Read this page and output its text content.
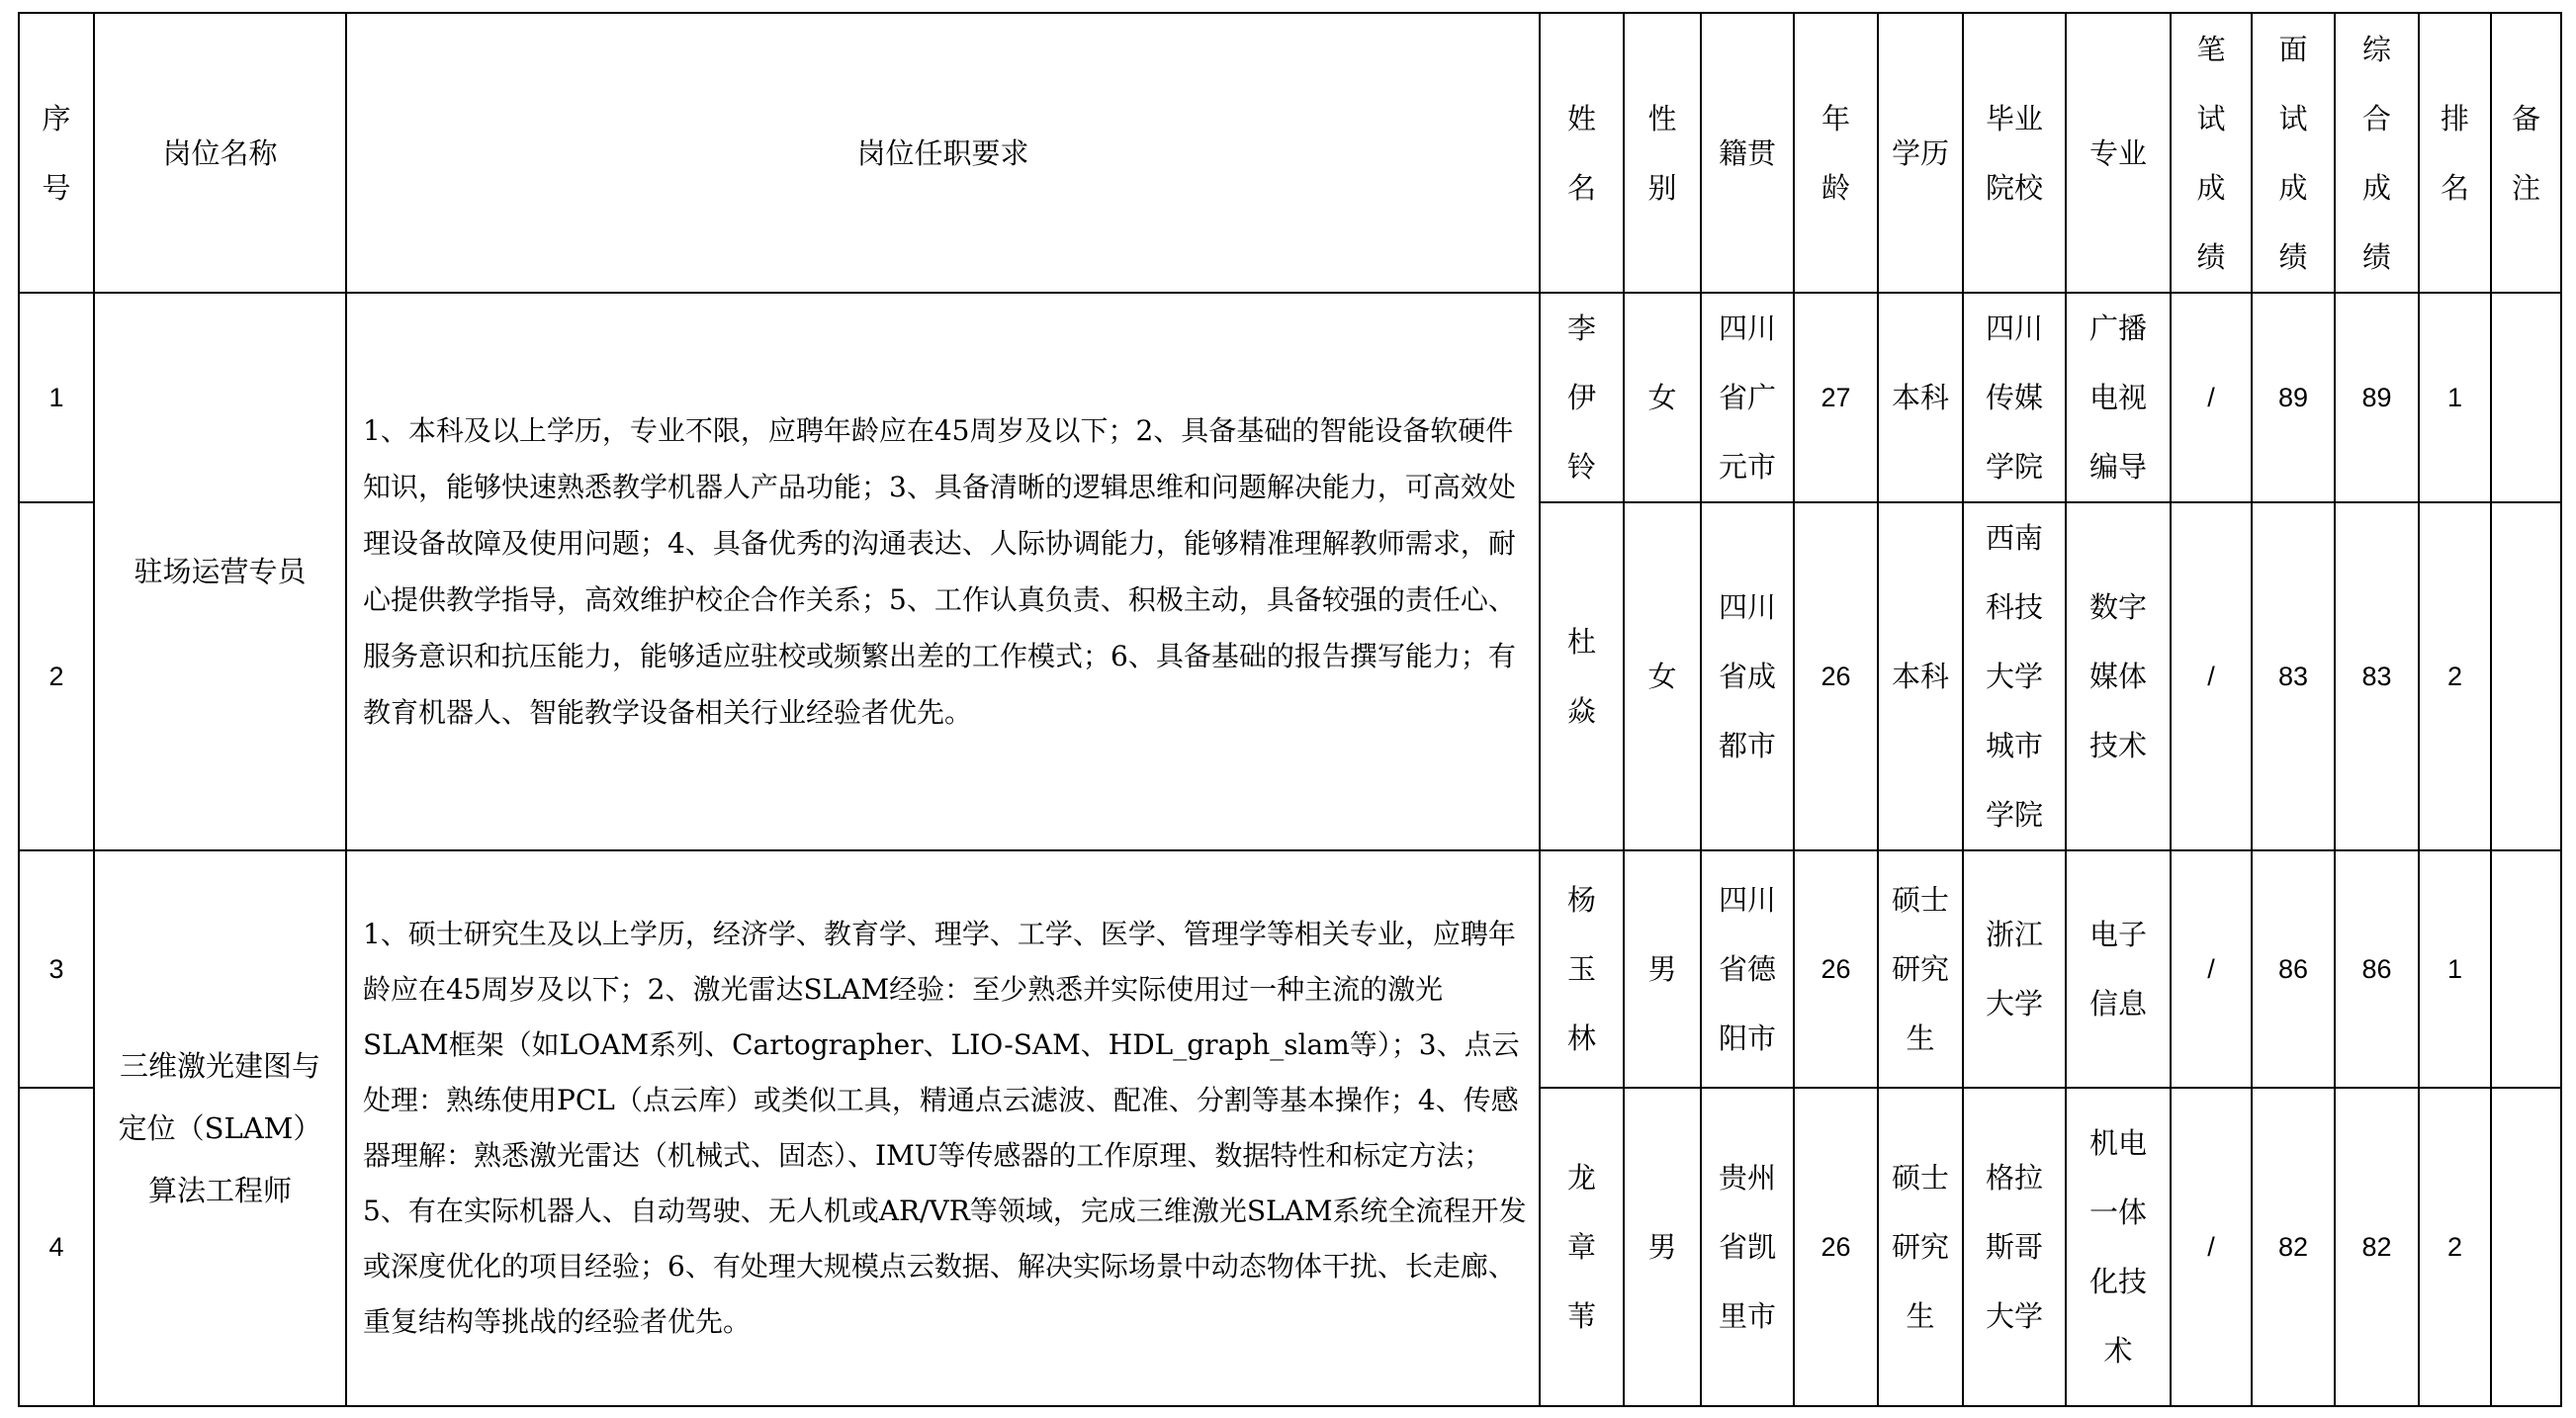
序号	岗位名称	岗位任职要求	姓名	性别	籍贯	年龄	学历	毕业院校	专业	笔试成绩	面试成绩	综合成绩	排名	备注
1	驻场运营专员	1、本科及以上学历，专业不限，应聘年龄应在45周岁及以下；2、具备基础的智能设备软硬件知识，能够快速熟悉教学机器人产品功能；3、具备清晰的逻辑思维和问题解决能力，可高效处理设备故障及使用问题；4、具备优秀的沟通表达、人际协调能力，能够精准理解教师需求，耐心提供教学指导，高效维护校企合作关系；5、工作认真负责、积极主动，具备较强的责任心、服务意识和抗压能力，能够适应驻校或频繁出差的工作模式；6、具备基础的报告撰写能力；有教育机器人、智能教学设备相关行业经验者优先。	李伊铃	女	四川省广元市	27	本科	四川传媒学院	广播电视编导	/	89	89	1	
2			杜焱	女	四川省成都市	26	本科	西南科技大学城市学院	数字媒体技术	/	83	83	2	
3	三维激光建图与定位（SLAM）算法工程师	1、硕士研究生及以上学历，经济学、教育学、理学、工学、医学、管理学等相关专业，应聘年龄应在45周岁及以下；2、激光雷达SLAM经验：至少熟悉并实际使用过一种主流的激光SLAM框架（如LOAM系列、Cartographer、LIO-SAM、HDL_graph_slam等）；3、点云处理：熟练使用PCL（点云库）或类似工具，精通点云滤波、配准、分割等基本操作；4、传感器理解：熟悉激光雷达（机械式、固态）、IMU等传感器的工作原理、数据特性和标定方法；5、有在实际机器人、自动驾驶、无人机或AR/VR等领域，完成三维激光SLAM系统全流程开发或深度优化的项目经验；6、有处理大规模点云数据、解决实际场景中动态物体干扰、长走廊、重复结构等挑战的经验者优先。	杨玉林	男	四川省德阳市	26	硕士研究生	浙江大学	电子信息	/	86	86	1	
4			龙章苇	男	贵州省凯里市	26	硕士研究生	格拉斯哥大学	机电一体化技术	/	82	82	2	
